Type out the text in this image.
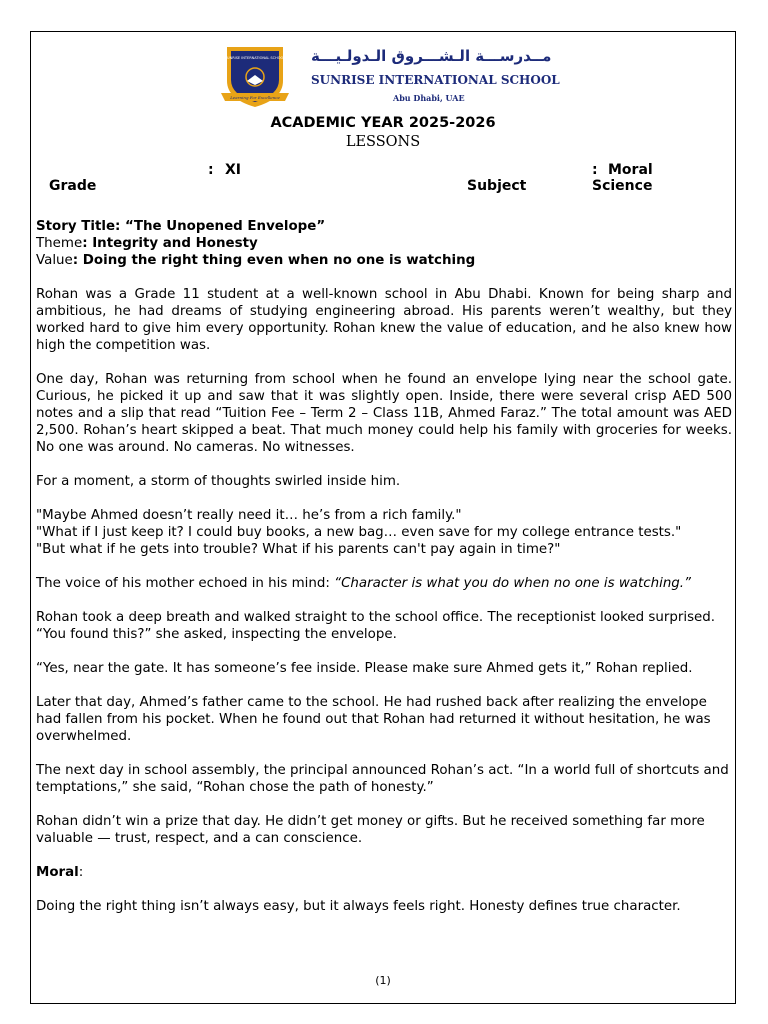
SUNRISE INTERNATIONAL SCHOOL
Learning For Excellence
مــدرســـة الـشـــروق الـدولـيـــة
SUNRISE INTERNATIONAL SCHOOL
Abu Dhabi, UAE
ACADEMIC YEAR 2025-2026
LESSONS
Grade
: XI
Subject
: Moral
Science

Story Title: “The Unopened Envelope”

Theme: Integrity and Honesty

Value: Doing the right thing even when no one is watching

Rohan was a Grade 11 student at a well-known school in Abu Dhabi. Known for being sharp and ambitious, he had dreams of studying engineering abroad. His parents weren’t wealthy, but they worked hard to give him every opportunity. Rohan knew the value of education, and he also knew how high the competition was.

One day, Rohan was returning from school when he found an envelope lying near the school gate. Curious, he picked it up and saw that it was slightly open. Inside, there were several crisp AED 500 notes and a slip that read “Tuition Fee – Term 2 – Class 11B, Ahmed Faraz.” The total amount was AED 2,500. Rohan’s heart skipped a beat. That much money could help his family with groceries for weeks. No one was around. No cameras. No witnesses.

For a moment, a storm of thoughts swirled inside him.

"Maybe Ahmed doesn’t really need it… he’s from a rich family."

"What if I just keep it? I could buy books, a new bag… even save for my college entrance tests."

"But what if he gets into trouble? What if his parents can't pay again in time?"

The voice of his mother echoed in his mind: “Character is what you do when no one is watching.”

Rohan took a deep breath and walked straight to the school office. The receptionist looked surprised. “You found this?” she asked, inspecting the envelope.

“Yes, near the gate. It has someone’s fee inside. Please make sure Ahmed gets it,” Rohan replied.

Later that day, Ahmed’s father came to the school. He had rushed back after realizing the envelope had fallen from his pocket. When he found out that Rohan had returned it without hesitation, he was overwhelmed.

The next day in school assembly, the principal announced Rohan’s act. “In a world full of shortcuts and temptations,” she said, “Rohan chose the path of honesty.”

Rohan didn’t win a prize that day. He didn’t get money or gifts. But he received something far more valuable — trust, respect, and a can conscience.

Moral:

Doing the right thing isn’t always easy, but it always feels right. Honesty defines true character.

(1)
